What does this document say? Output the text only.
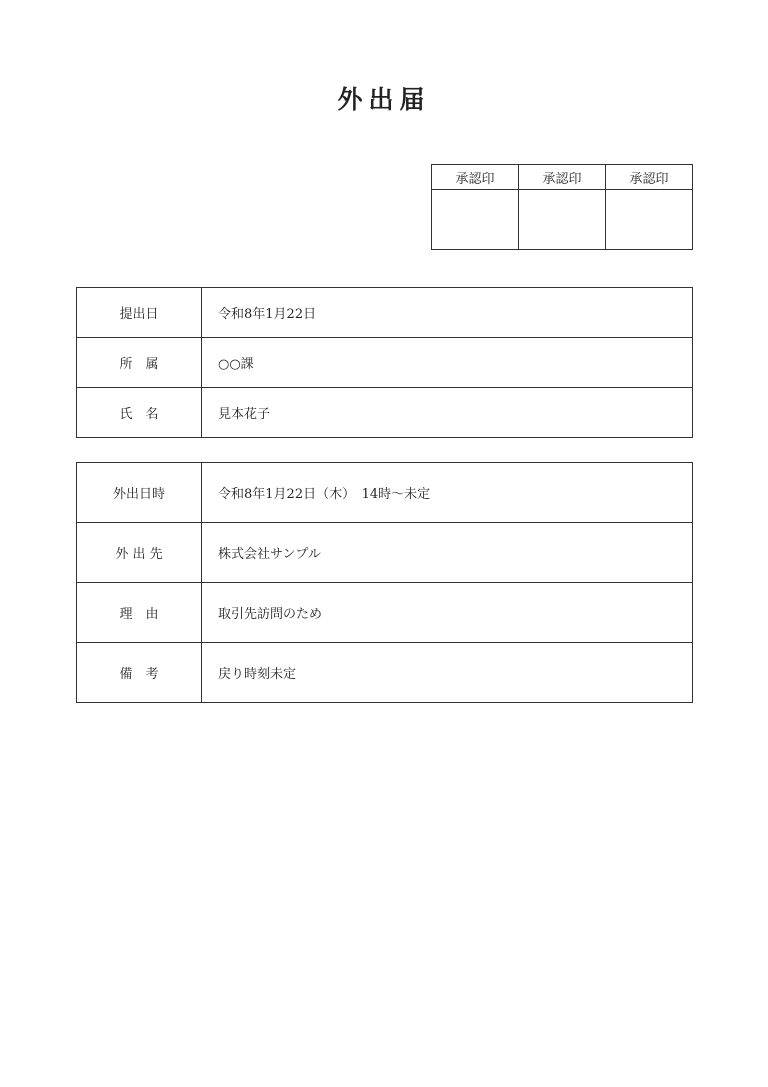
外出届
承認印	承認印	承認印

提出日	令和8年1月22日
所　属	○○課
氏　名	見本花子
外出日時	令和8年1月22日（木）　14時～未定
外 出 先	株式会社サンプル
理　由	取引先訪問のため
備　考	戻り時刻未定
